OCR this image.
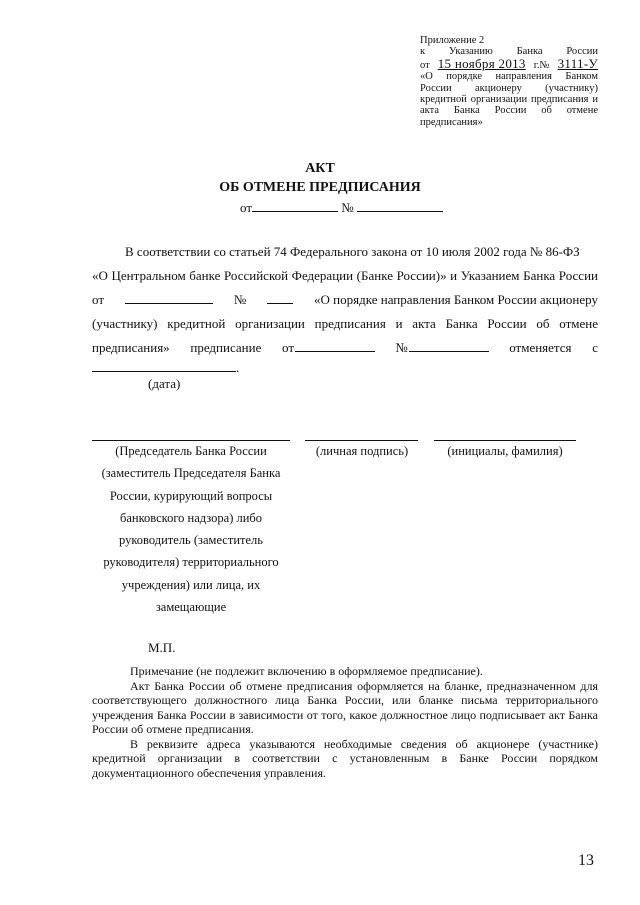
Приложение 2
к Указанию Банка России
от 15 ноября 2013 г.№ 3111-У
«О порядке направления Банком
России акционеру (участнику)
кредитной организации предписания и
акта Банка России об отмене
предписания»
АКТ
ОБ ОТМЕНЕ ПРЕДПИСАНИЯ
от	№
В соответствии со статьей 74 Федерального закона от 10 июля 2002 года № 86-ФЗ
«О Центральном банке Российской Федерации (Банке России)» и Указанием Банка России
от	№	«О порядке направления Банком России акционеру
(участнику) кредитной организации предписания и акта Банка России об отмене
предписания» предписание от	№	отменяется с
.
(дата)
(Председатель Банка России
(заместитель Председателя Банка
России, курирующий вопросы
банковского надзора) либо
руководитель (заместитель
руководителя) территориального
учреждения) или лица, их
замещающие
(личная подпись)	(инициалы, фамилия)
М.П.

Примечание (не подлежит включению в оформляемое предписание).

Акт Банка России об отмене предписания оформляется на бланке, предназначенном для соответствующего должностного лица Банка России, или бланке письма территориального учреждения Банка России в зависимости от того, какое должностное лицо подписывает акт Банка России об отмене предписания.

В реквизите адреса указываются необходимые сведения об акционере (участнике) кредитной организации в соответствии с установленным в Банке России порядком документационного обеспечения управления.

13
